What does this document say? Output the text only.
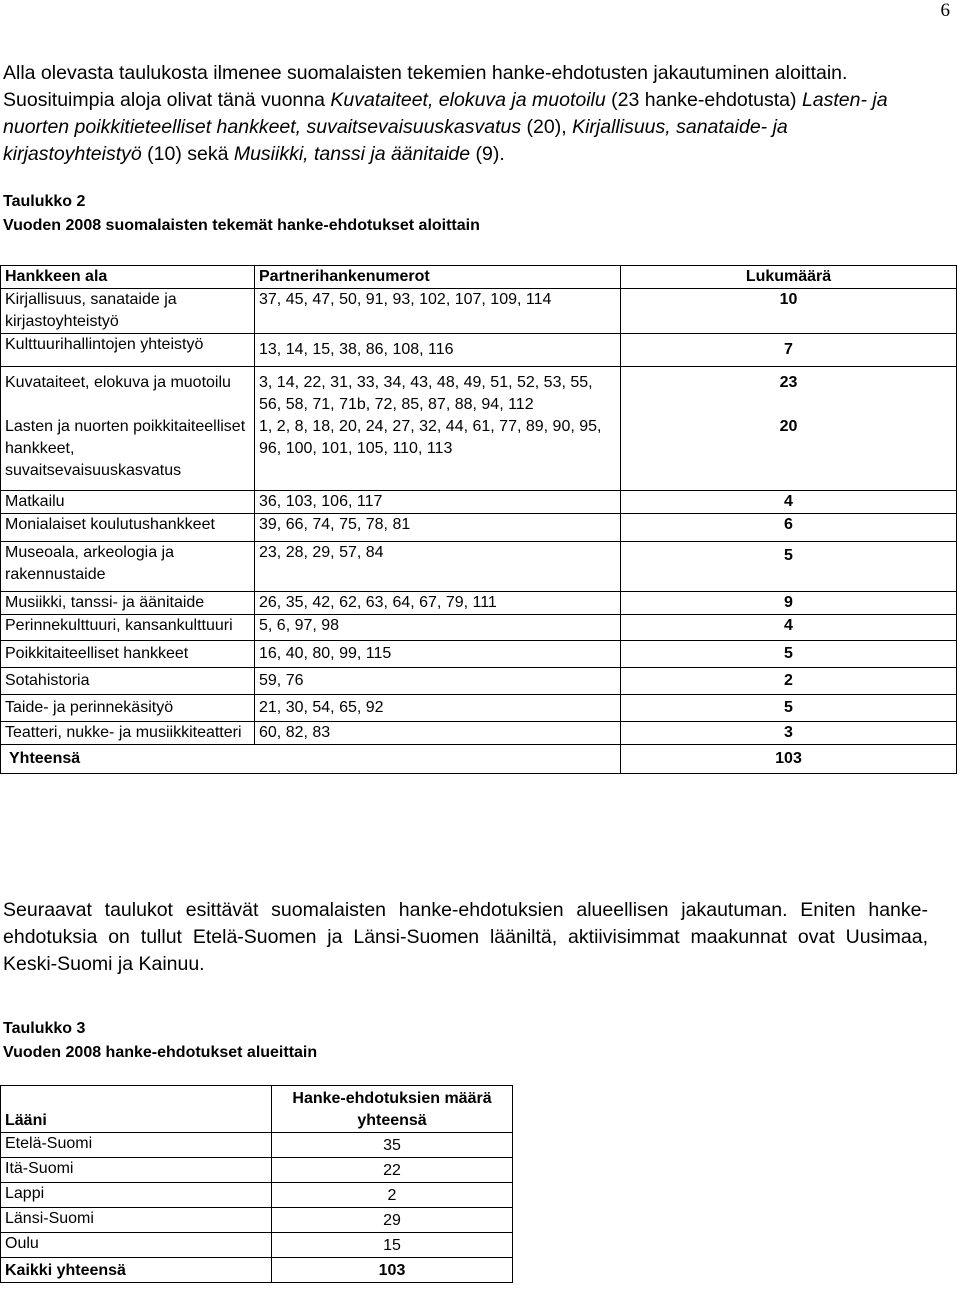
6
Alla olevasta taulukosta ilmenee suomalaisten tekemien hanke-ehdotusten jakautuminen aloittain. Suosituimpia aloja olivat tänä vuonna Kuvataiteet, elokuva ja muotoilu (23 hanke-ehdotusta) Lasten- ja nuorten poikkitieteelliset hankkeet, suvaitsevaisuuskasvatus (20), Kirjallisuus, sanataide- ja kirjastoyhteistyö (10) sekä Musiikki, tanssi ja äänitaide (9).
Taulukko 2
Vuoden 2008 suomalaisten tekemät hanke-ehdotukset aloittain
Hankkeen ala	Partnerihankenumerot	Lukumäärä
Kirjallisuus, sanataide ja kirjastoyhteistyö	37, 45, 47, 50, 91, 93, 102, 107, 109, 114	10
Kulttuurihallintojen yhteistyö	13, 14, 15, 38, 86, 108, 116	7
Kuvataiteet, elokuva ja muotoilu	3, 14, 22, 31, 33, 34, 43, 48, 49, 51, 52, 53, 55, 56, 58, 71, 71b, 72, 85, 87, 88, 94, 112	23
Lasten ja nuorten poikkitaiteelliset hankkeet, suvaitsevaisuuskasvatus	1, 2, 8, 18, 20, 24, 27, 32, 44, 61, 77, 89, 90, 95, 96, 100, 101, 105, 110, 113	20
Matkailu	36, 103, 106, 117	4
Monialaiset koulutushankkeet	39, 66, 74, 75, 78, 81	6
Museoala, arkeologia ja rakennustaide	23, 28, 29, 57, 84	5
Musiikki, tanssi- ja äänitaide	26, 35, 42, 62, 63, 64, 67, 79, 111	9
Perinnekulttuuri, kansankulttuuri	5, 6, 97, 98	4
Poikkitaiteelliset hankkeet	16, 40, 80, 99, 115	5
Sotahistoria	59, 76	2
Taide- ja perinnekäsityö	21, 30, 54, 65, 92	5
Teatteri, nukke- ja musiikkiteatteri	60, 82, 83	3
Yhteensä		103
Seuraavat taulukot esittävät suomalaisten hanke-ehdotuksien alueellisen jakautuman. Eniten hanke-ehdotuksia on tullut Etelä-Suomen ja Länsi-Suomen lääniltä, aktiivisimmat maakunnat ovat Uusimaa, Keski-Suomi ja Kainuu.
Taulukko 3
Vuoden 2008 hanke-ehdotukset alueittain
Lääni	Hanke-ehdotuksien määrä yhteensä
Etelä-Suomi	35
Itä-Suomi	22
Lappi	2
Länsi-Suomi	29
Oulu	15
Kaikki yhteensä	103
